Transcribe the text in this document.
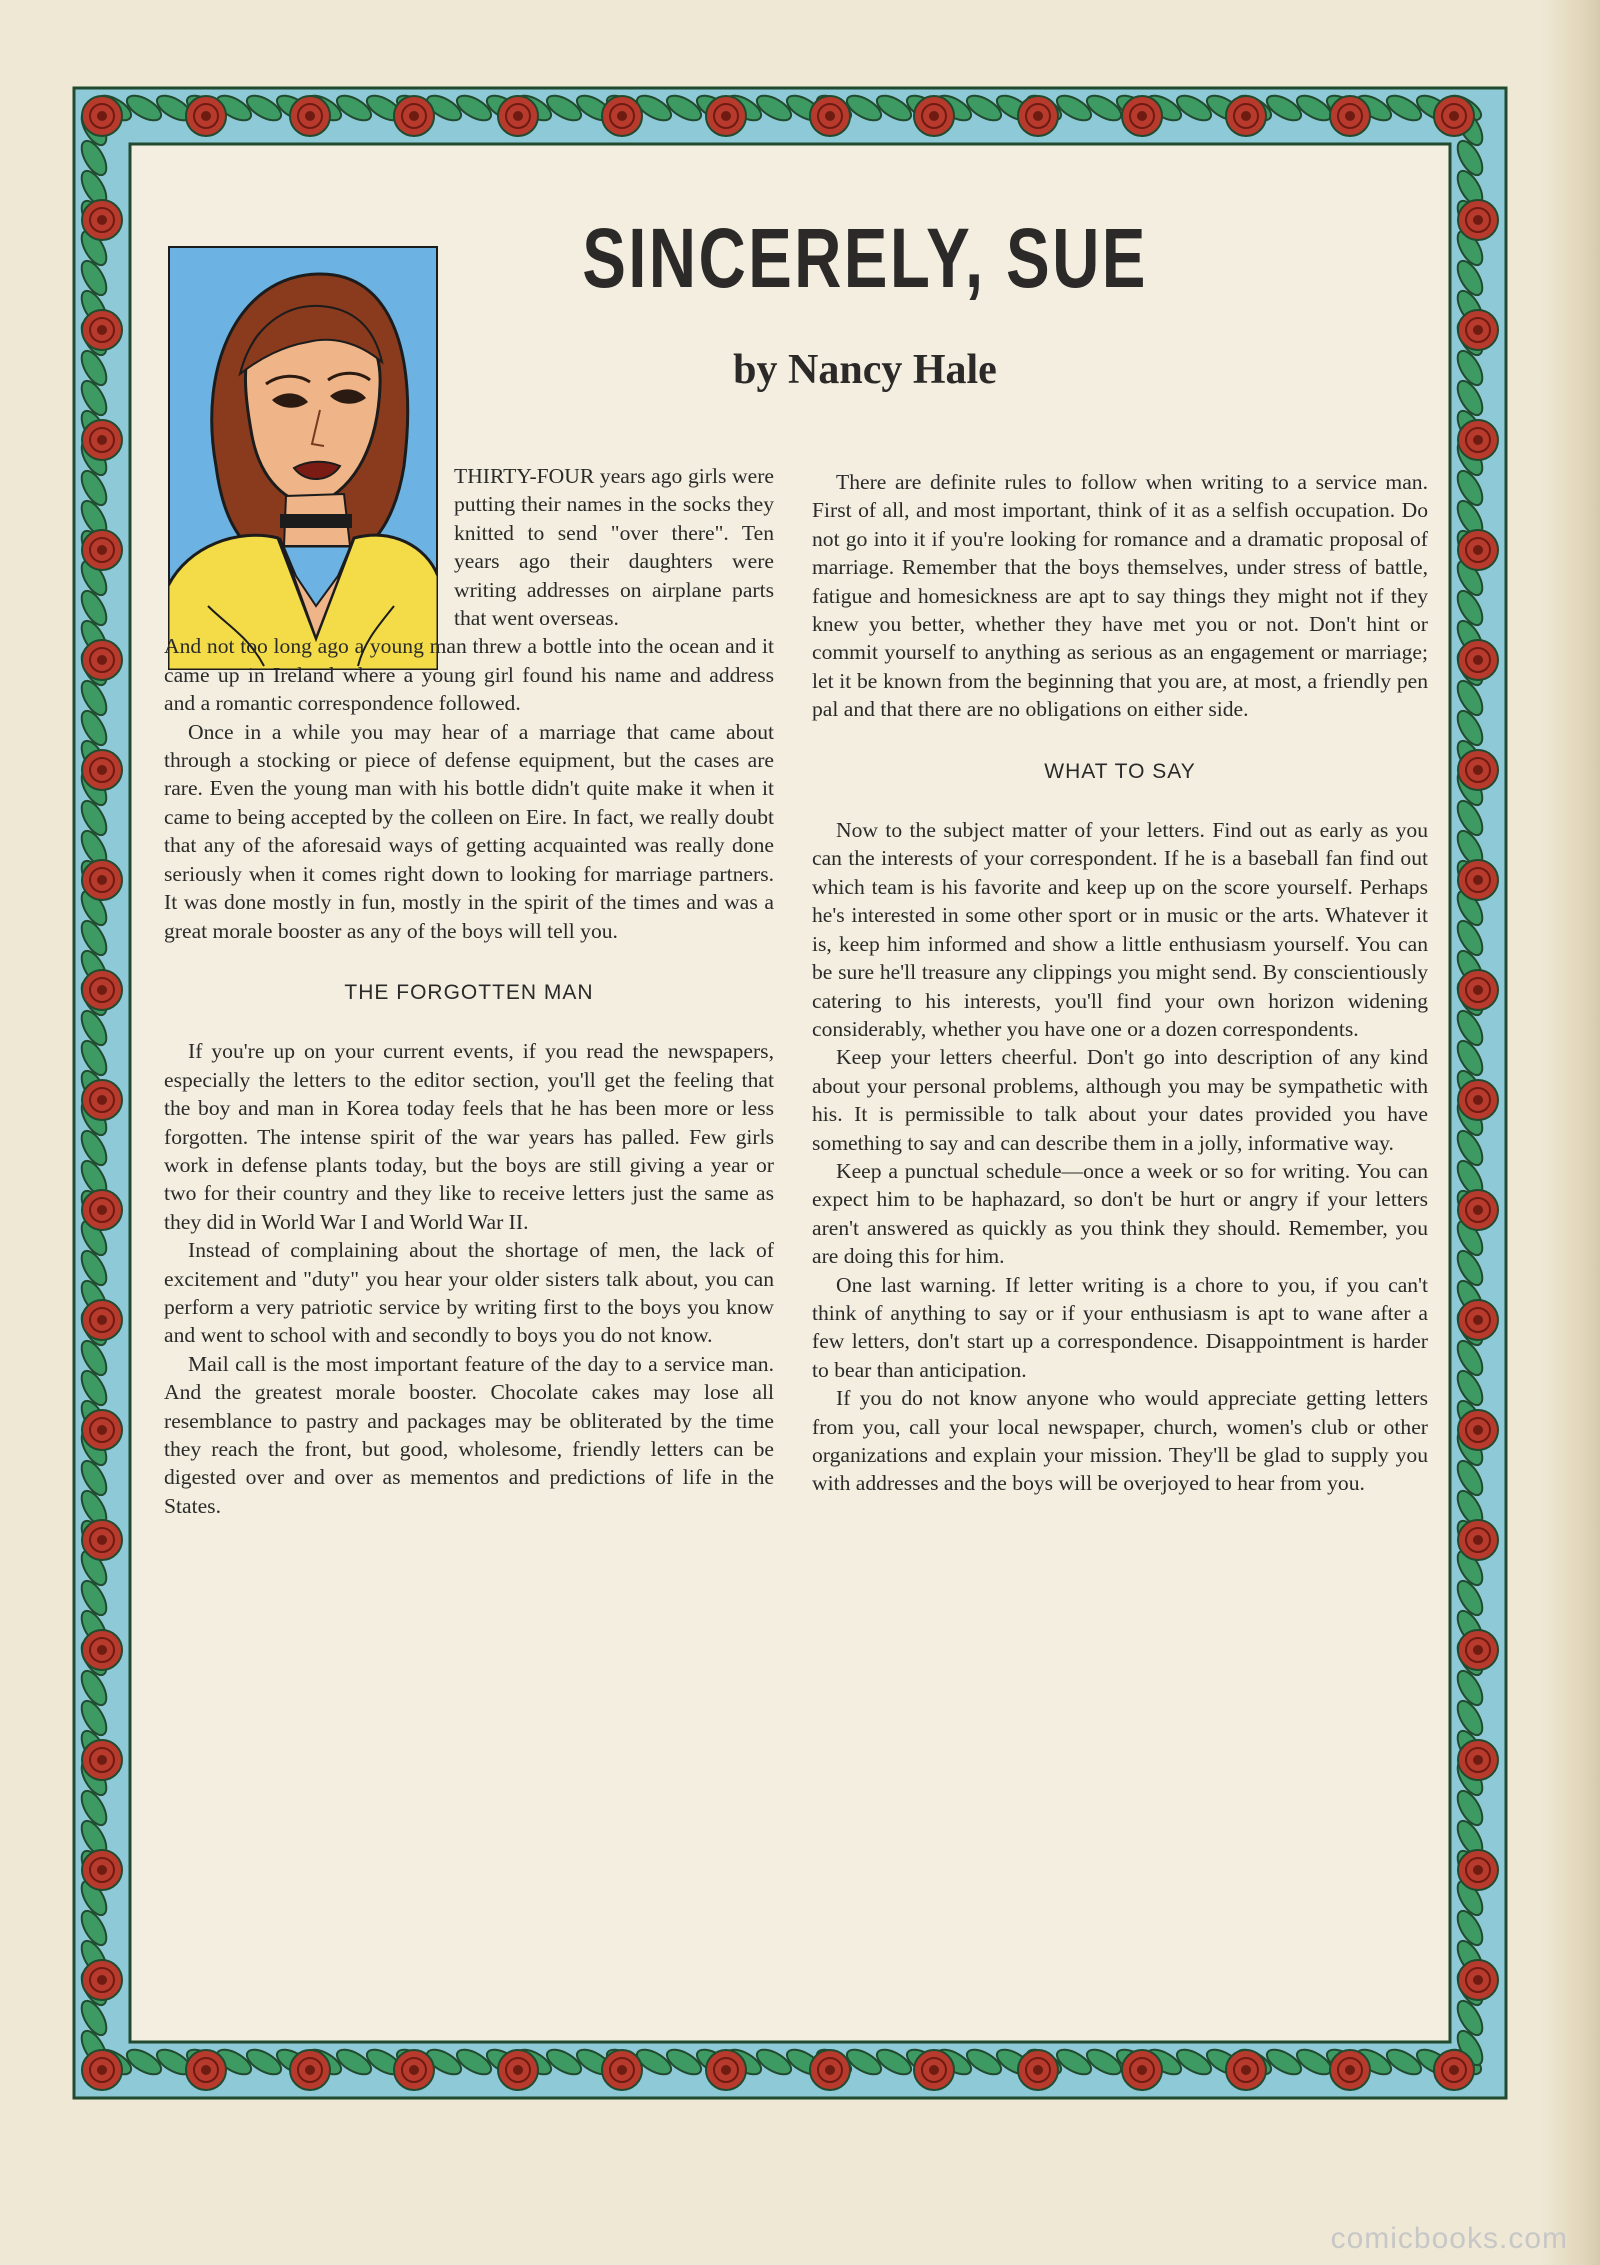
SINCERELY, SUE
by Nancy Hale

THIRTY-FOUR years ago girls were putting their names in the socks they knitted to send "over there". Ten years ago their daughters were writing addresses on airplane parts that went overseas.

And not too long ago a young man threw a bottle into the ocean and it came up in Ireland where a young girl found his name and address and a romantic correspondence followed.

Once in a while you may hear of a marriage that came about through a stocking or piece of defense equipment, but the cases are rare. Even the young man with his bottle didn't quite make it when it came to being accepted by the colleen on Eire. In fact, we really doubt that any of the aforesaid ways of getting acquainted was really done seriously when it comes right down to looking for marriage partners. It was done mostly in fun, mostly in the spirit of the times and was a great morale booster as any of the boys will tell you.

THE FORGOTTEN MAN

If you're up on your current events, if you read the newspapers, especially the letters to the editor section, you'll get the feeling that the boy and man in Korea today feels that he has been more or less forgotten. The intense spirit of the war years has palled. Few girls work in defense plants today, but the boys are still giving a year or two for their country and they like to receive letters just the same as they did in World War I and World War II.

Instead of complaining about the shortage of men, the lack of excitement and "duty" you hear your older sisters talk about, you can perform a very patriotic service by writing first to the boys you know and went to school with and secondly to boys you do not know.

Mail call is the most important feature of the day to a service man. And the greatest morale booster. Chocolate cakes may lose all resemblance to pastry and packages may be obliterated by the time they reach the front, but good, wholesome, friendly letters can be digested over and over as mementos and predictions of life in the States.

There are definite rules to follow when writing to a service man. First of all, and most important, think of it as a selfish occupation. Do not go into it if you're looking for romance and a dramatic proposal of marriage. Remember that the boys themselves, under stress of battle, fatigue and homesickness are apt to say things they might not if they knew you better, whether they have met you or not. Don't hint or commit yourself to anything as serious as an engagement or marriage; let it be known from the beginning that you are, at most, a friendly pen pal and that there are no obligations on either side.

WHAT TO SAY

Now to the subject matter of your letters. Find out as early as you can the interests of your correspondent. If he is a baseball fan find out which team is his favorite and keep up on the score yourself. Perhaps he's interested in some other sport or in music or the arts. Whatever it is, keep him informed and show a little enthusiasm yourself. You can be sure he'll treasure any clippings you might send. By conscientiously catering to his interests, you'll find your own horizon widening considerably, whether you have one or a dozen correspondents.

Keep your letters cheerful. Don't go into description of any kind about your personal problems, although you may be sympathetic with his. It is permissible to talk about your dates provided you have something to say and can describe them in a jolly, informative way.

Keep a punctual schedule—once a week or so for writing. You can expect him to be haphazard, so don't be hurt or angry if your letters aren't answered as quickly as you think they should. Remember, you are doing this for him.

One last warning. If letter writing is a chore to you, if you can't think of anything to say or if your enthusiasm is apt to wane after a few letters, don't start up a correspondence. Disappointment is harder to bear than anticipation.

If you do not know anyone who would appreciate getting letters from you, call your local newspaper, church, women's club or other organizations and explain your mission. They'll be glad to supply you with addresses and the boys will be overjoyed to hear from you.

comicbooks.com
